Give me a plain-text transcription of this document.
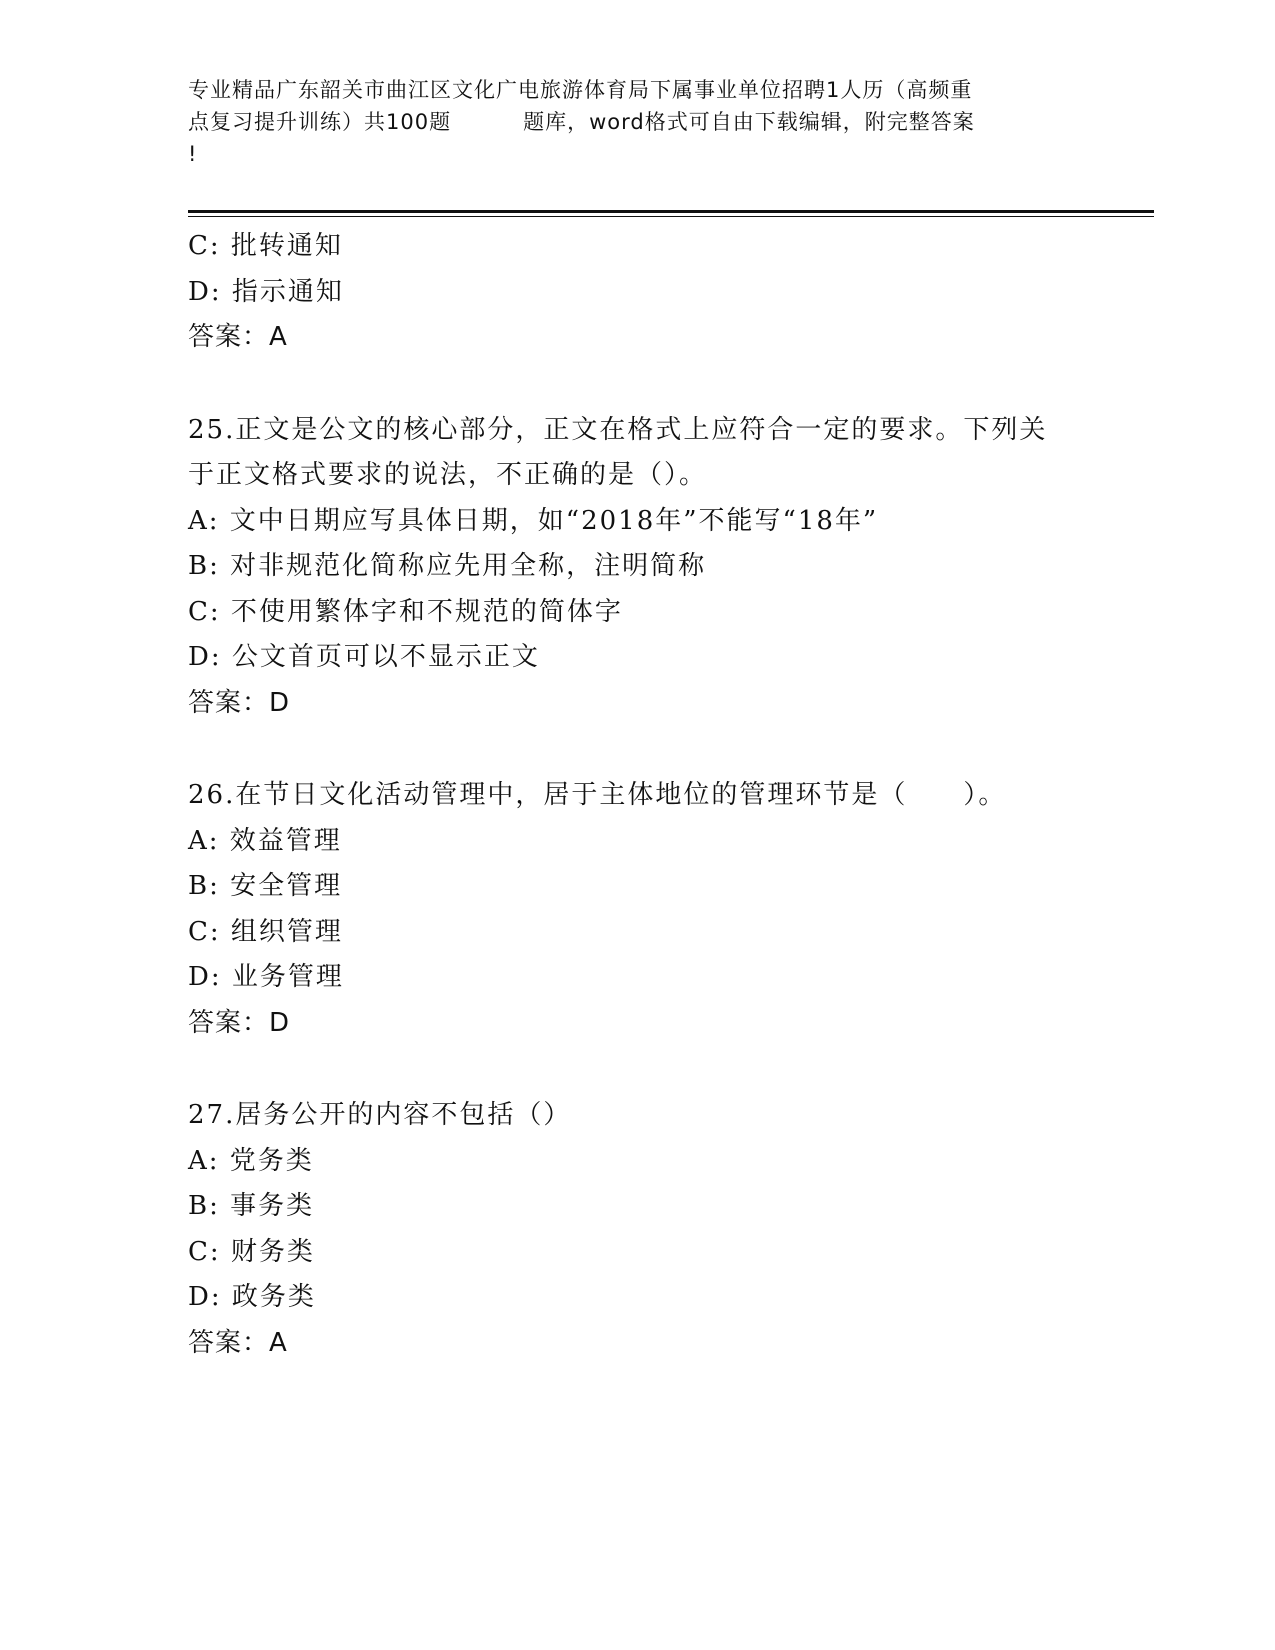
专业精品广东韶关市曲江区文化广电旅游体育局下属事业单位招聘1人历（高频重
点复习提升训练）共100题	题库，word格式可自由下载编辑，附完整答案
!
C: 批转通知
D: 指示通知
答案：A
25.正文是公文的核心部分，正文在格式上应符合一定的要求。下列关
于正文格式要求的说法，不正确的是（）。
A: 文中日期应写具体日期，如“2018年”不能写“18年”
B: 对非规范化简称应先用全称，注明简称
C: 不使用繁体字和不规范的简体字
D: 公文首页可以不显示正文
答案：D
26.在节日文化活动管理中，居于主体地位的管理环节是（　　）。
A: 效益管理
B: 安全管理
C: 组织管理
D: 业务管理
答案：D
27.居务公开的内容不包括（）
A: 党务类
B: 事务类
C: 财务类
D: 政务类
答案：A
